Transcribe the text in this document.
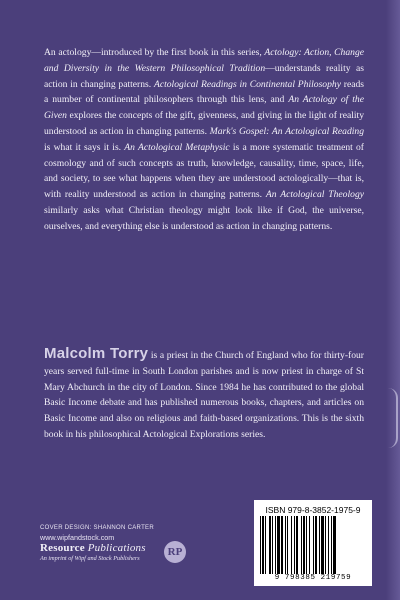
An actology—introduced by the first book in this series, Actology: Action, Change and Diversity in the Western Philosophical Tradition—understands reality as action in changing patterns. Actological Readings in Continental Philosophy reads a number of continental philosophers through this lens, and An Actology of the Given explores the concepts of the gift, givenness, and giving in the light of reality understood as action in changing patterns. Mark's Gospel: An Actological Reading is what it says it is. An Actological Metaphysic is a more systematic treatment of cosmology and of such concepts as truth, knowledge, causality, time, space, life, and society, to see what happens when they are understood actologically—that is, with reality understood as action in changing patterns. An Actological Theology similarly asks what Christian theology might look like if God, the universe, ourselves, and everything else is understood as action in changing patterns.

Malcolm Torry is a priest in the Church of England who for thirty-four years served full-time in South London parishes and is now priest in charge of St Mary Abchurch in the city of London. Since 1984 he has contributed to the global Basic Income debate and has published numerous books, chapters, and articles on Basic Income and also on religious and faith-based organizations. This is the sixth book in his philosophical Actological Explorations series.

COVER DESIGN: SHANNON CARTER
www.wipfandstock.com
Resource Publications
An imprint of Wipf and Stock Publishers
RP
ISBN 979-8-3852-1975-9
9 798385 219759
